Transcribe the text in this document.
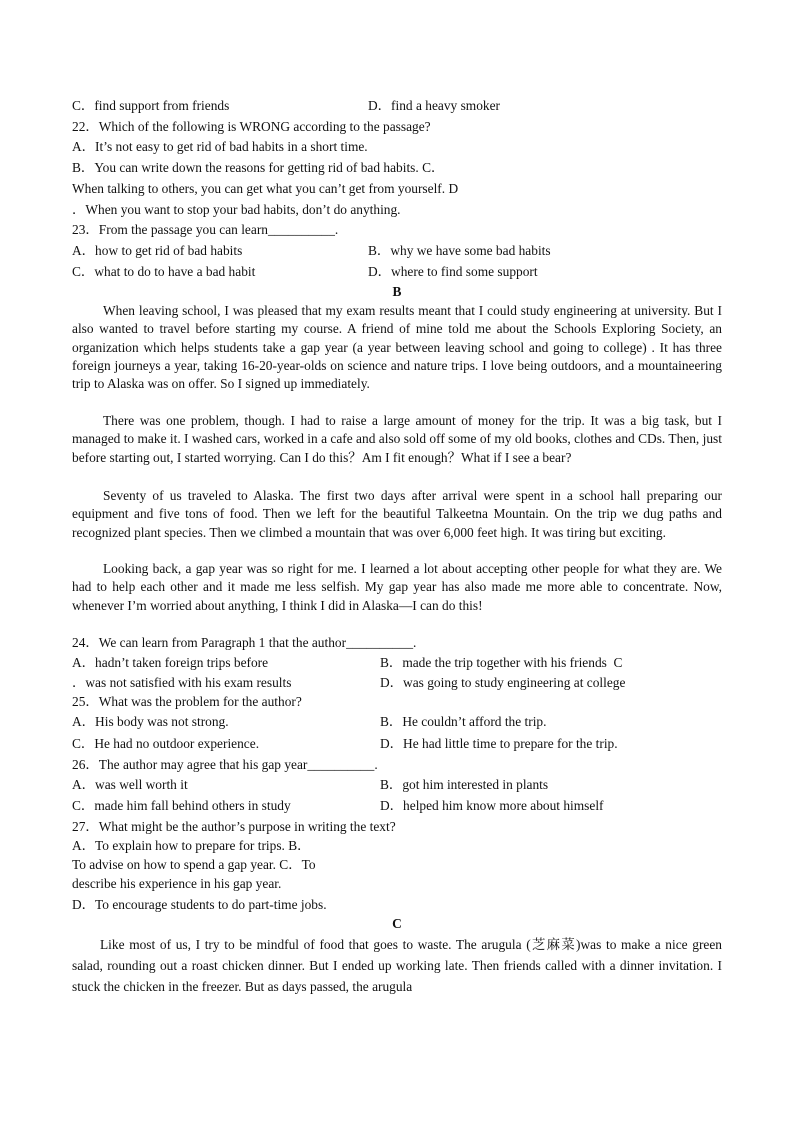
C．find support from friends	D．find a heavy smoker
22．Which of the following is WRONG according to the passage?
A．It’s not easy to get rid of bad habits in a short time.
B．You can write down the reasons for getting rid of bad habits. C．
When talking to others, you can get what you can’t get from yourself. D
．When you want to stop your bad habits, don’t do anything.
23．From the passage you can learn__________.
A．how to get rid of bad habits	B．why we have some bad habits
C．what to do to have a bad habit	D．where to find some support
B

When leaving school, I was pleased that my exam results meant that I could study engineering at university. But I also wanted to travel before starting my course. A friend of mine told me about the Schools Exploring Society, an organization which helps students take a gap year (a year between leaving school and going to college) . It has three foreign journeys a year, taking 16-20-year-olds on science and nature trips. I love being outdoors, and a mountaineering trip to Alaska was on offer. So I signed up immediately.

There was one problem, though. I had to raise a large amount of money for the trip. It was a big task, but I managed to make it. I washed cars, worked in a cafe and also sold off some of my old books, clothes and CDs. Then, just before starting out, I started worrying. Can I do this？Am I fit enough？What if I see a bear?

Seventy of us traveled to Alaska. The first two days after arrival were spent in a school hall preparing our equipment and five tons of food. Then we left for the beautiful Talkeetna Mountain. On the trip we dug paths and recognized plant species. Then we climbed a mountain that was over 6,000 feet high. It was tiring but exciting.

Looking back, a gap year was so right for me. I learned a lot about accepting other people for what they are. We had to help each other and it made me less selfish. My gap year has also made me more able to concentrate. Now, whenever I’m worried about anything, I think I did in Alaska—I can do this!

24．We can learn from Paragraph 1 that the author__________.
A．hadn’t taken foreign trips before	B．made the trip together with his friends  C
．was not satisfied with his exam results	D．was going to study engineering at college
25．What was the problem for the author?
A．His body was not strong.	B．He couldn’t afford the trip.
C．He had no outdoor experience.	D．He had little time to prepare for the trip.
26．The author may agree that his gap year__________.
A．was well worth it	B．got him interested in plants
C．made him fall behind others in study	D．helped him know more about himself
27．What might be the author’s purpose in writing the text?
A．To explain how to prepare for trips. B．
To advise on how to spend a gap year. C．To
describe his experience in his gap year.
D．To encourage students to do part-time jobs.
C

Like most of us, I try to be mindful of food that goes to waste. The arugula (芝麻菜)was to make a nice green salad, rounding out a roast chicken dinner. But I ended up working late. Then friends called with a dinner invitation. I stuck the chicken in the freezer. But as days passed, the arugula
